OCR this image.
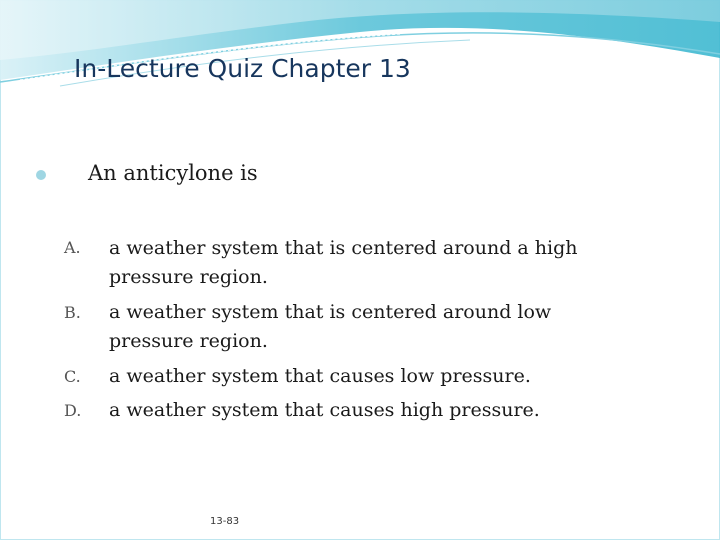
In-Lecture Quiz Chapter 13
An anticylone is
A. a weather system that is centered around a high
pressure region.
B. a weather system that is centered around low
pressure region.
C. a weather system that causes low pressure.
D. a weather system that causes high pressure.
13-83
